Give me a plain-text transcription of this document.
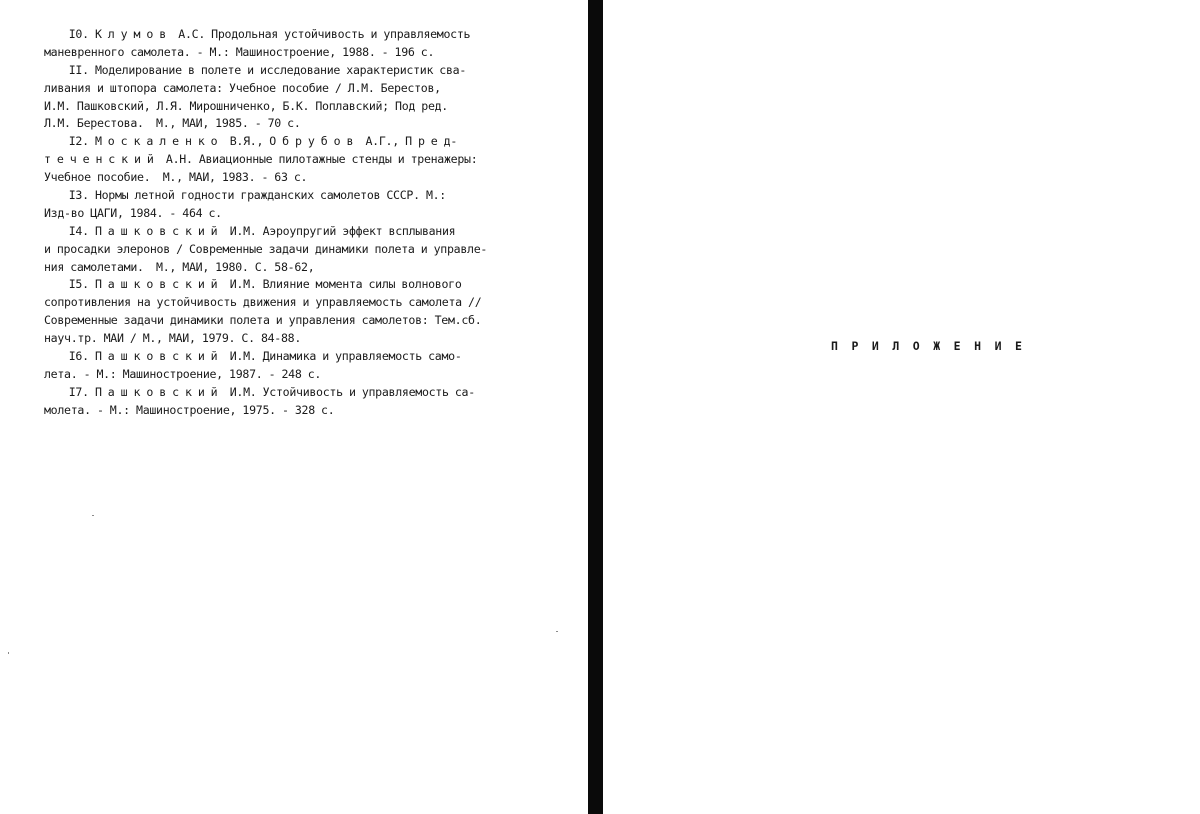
I0. К л у м о в  А.С. Продольная устойчивость и управляемость
маневренного самолета. - М.: Машиностроение, 1988. - 196 с.
II. Моделирование в полете и исследование характеристик сва-
ливания и штопора самолета: Учебное пособие / Л.М. Берестов,
И.М. Пашковский, Л.Я. Мирошниченко, Б.К. Поплавский; Под ред.
Л.М. Берестова.  М., МАИ, 1985. - 70 с.
I2. М о с к а л е н к о  В.Я., О б р у б о в  А.Г., П р е д-
т е ч е н с к и й  А.Н. Авиационные пилотажные стенды и тренажеры:
Учебное пособие.  М., МАИ, 1983. - 63 с.
I3. Нормы летной годности гражданских самолетов СССР. М.:
Изд-во ЦАГИ, 1984. - 464 с.
I4. П а ш к о в с к и й  И.М. Аэроупругий эффект всплывания
и просадки элеронов / Современные задачи динамики полета и управле-
ния самолетами.  М., МАИ, 1980. С. 58-62,
I5. П а ш к о в с к и й  И.М. Влияние момента силы волнового
сопротивления на устойчивость движения и управляемость самолета //
Современные задачи динамики полета и управления самолетов: Тем.сб.
науч.тр. МАИ / М., МАИ, 1979. С. 84-88.
I6. П а ш к о в с к и й  И.М. Динамика и управляемость само-
лета. - М.: Машиностроение, 1987. - 248 с.
I7. П а ш к о в с к и й  И.М. Устойчивость и управляемость са-
молета. - М.: Машиностроение, 1975. - 328 с.
П Р И Л О Ж Е Н И Е
